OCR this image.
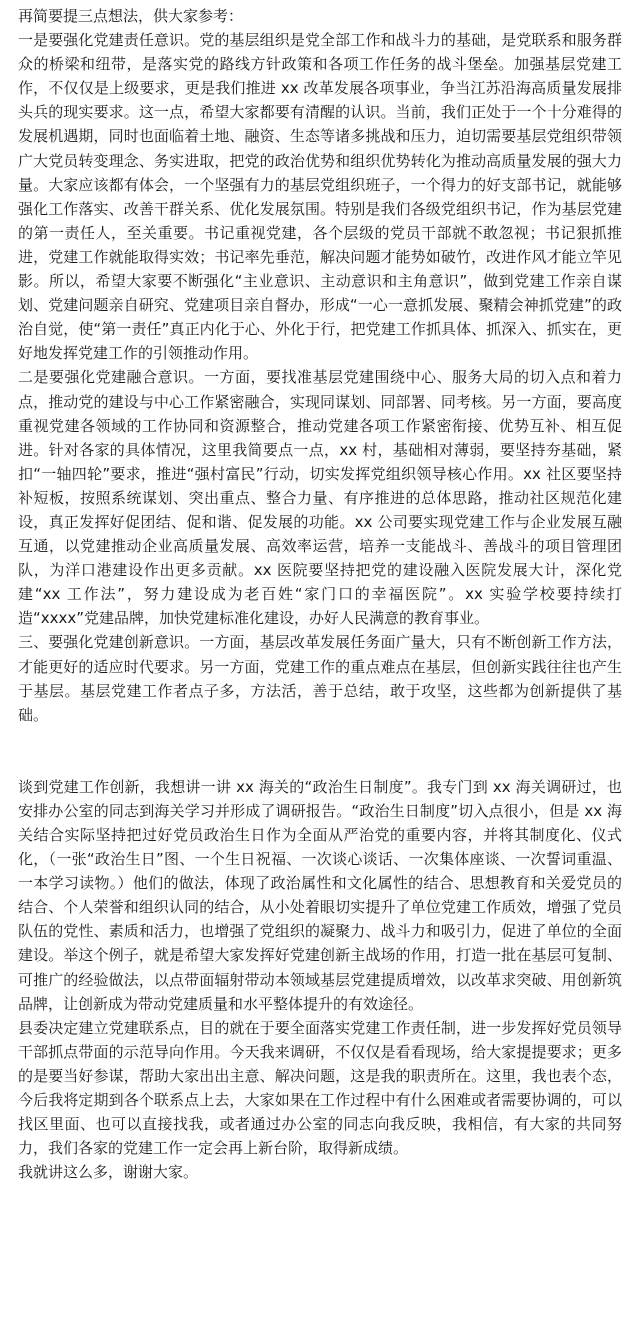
再简要提三点想法，供大家参考：

一是要强化党建责任意识。党的基层组织是党全部工作和战斗力的基础，是党联系和服务群众的桥梁和纽带，是落实党的路线方针政策和各项工作任务的战斗堡垒。加强基层党建工作，不仅仅是上级要求，更是我们推进 xx 改革发展各项事业，争当江苏沿海高质量发展排头兵的现实要求。这一点，希望大家都要有清醒的认识。当前，我们正处于一个十分难得的发展机遇期，同时也面临着土地、融资、生态等诸多挑战和压力，迫切需要基层党组织带领广大党员转变理念、务实进取，把党的政治优势和组织优势转化为推动高质量发展的强大力量。大家应该都有体会，一个坚强有力的基层党组织班子，一个得力的好支部书记，就能够强化工作落实、改善干群关系、优化发展氛围。特别是我们各级党组织书记，作为基层党建的第一责任人，至关重要。书记重视党建，各个层级的党员干部就不敢忽视；书记狠抓推进，党建工作就能取得实效；书记率先垂范，解决问题才能势如破竹，改进作风才能立竿见影。所以，希望大家要不断强化“主业意识、主动意识和主角意识”，做到党建工作亲自谋划、党建问题亲自研究、党建项目亲自督办，形成“一心一意抓发展、聚精会神抓党建”的政治自觉，使“第一责任”真正内化于心、外化于行，把党建工作抓具体、抓深入、抓实在，更好地发挥党建工作的引领推动作用。

二是要强化党建融合意识。一方面，要找准基层党建围绕中心、服务大局的切入点和着力点，推动党的建设与中心工作紧密融合，实现同谋划、同部署、同考核。另一方面，要高度重视党建各领域的工作协同和资源整合，推动党建各项工作紧密衔接、优势互补、相互促进。针对各家的具体情况，这里我简要点一点，xx 村，基础相对薄弱，要坚持夯基础，紧扣“一轴四轮”要求，推进“强村富民”行动，切实发挥党组织领导核心作用。xx 社区要坚持补短板，按照系统谋划、突出重点、整合力量、有序推进的总体思路，推动社区规范化建设，真正发挥好促团结、促和谐、促发展的功能。xx 公司要实现党建工作与企业发展互融互通，以党建推动企业高质量发展、高效率运营，培养一支能战斗、善战斗的项目管理团队，为洋口港建设作出更多贡献。xx 医院要坚持把党的建设融入医院发展大计，深化党建“xx 工作法”，努力建设成为老百姓“家门口的幸福医院”。xx 实验学校要持续打造“xxxx”党建品牌，加快党建标准化建设，办好人民满意的教育事业。

三、要强化党建创新意识。一方面，基层改革发展任务面广量大，只有不断创新工作方法，才能更好的适应时代要求。另一方面，党建工作的重点难点在基层，但创新实践往往也产生于基层。基层党建工作者点子多，方法活，善于总结，敢于攻坚，这些都为创新提供了基础。

谈到党建工作创新，我想讲一讲 xx 海关的“政治生日制度”。我专门到 xx 海关调研过，也安排办公室的同志到海关学习并形成了调研报告。“政治生日制度”切入点很小，但是 xx 海关结合实际坚持把过好党员政治生日作为全面从严治党的重要内容，并将其制度化、仪式化，（一张“政治生日”图、一个生日祝福、一次谈心谈话、一次集体座谈、一次誓词重温、一本学习读物。）他们的做法，体现了政治属性和文化属性的结合、思想教育和关爱党员的结合、个人荣誉和组织认同的结合，从小处着眼切实提升了单位党建工作质效，增强了党员队伍的党性、素质和活力，也增强了党组织的凝聚力、战斗力和吸引力，促进了单位的全面建设。举这个例子，就是希望大家发挥好党建创新主战场的作用，打造一批在基层可复制、可推广的经验做法，以点带面辐射带动本领域基层党建提质增效，以改革求突破、用创新筑品牌，让创新成为带动党建质量和水平整体提升的有效途径。

县委决定建立党建联系点，目的就在于要全面落实党建工作责任制，进一步发挥好党员领导干部抓点带面的示范导向作用。今天我来调研，不仅仅是看看现场，给大家提提要求；更多的是要当好参谋，帮助大家出出主意、解决问题，这是我的职责所在。这里，我也表个态，今后我将定期到各个联系点上去，大家如果在工作过程中有什么困难或者需要协调的，可以找区里面、也可以直接找我，或者通过办公室的同志向我反映，我相信，有大家的共同努力，我们各家的党建工作一定会再上新台阶，取得新成绩。

我就讲这么多，谢谢大家。
